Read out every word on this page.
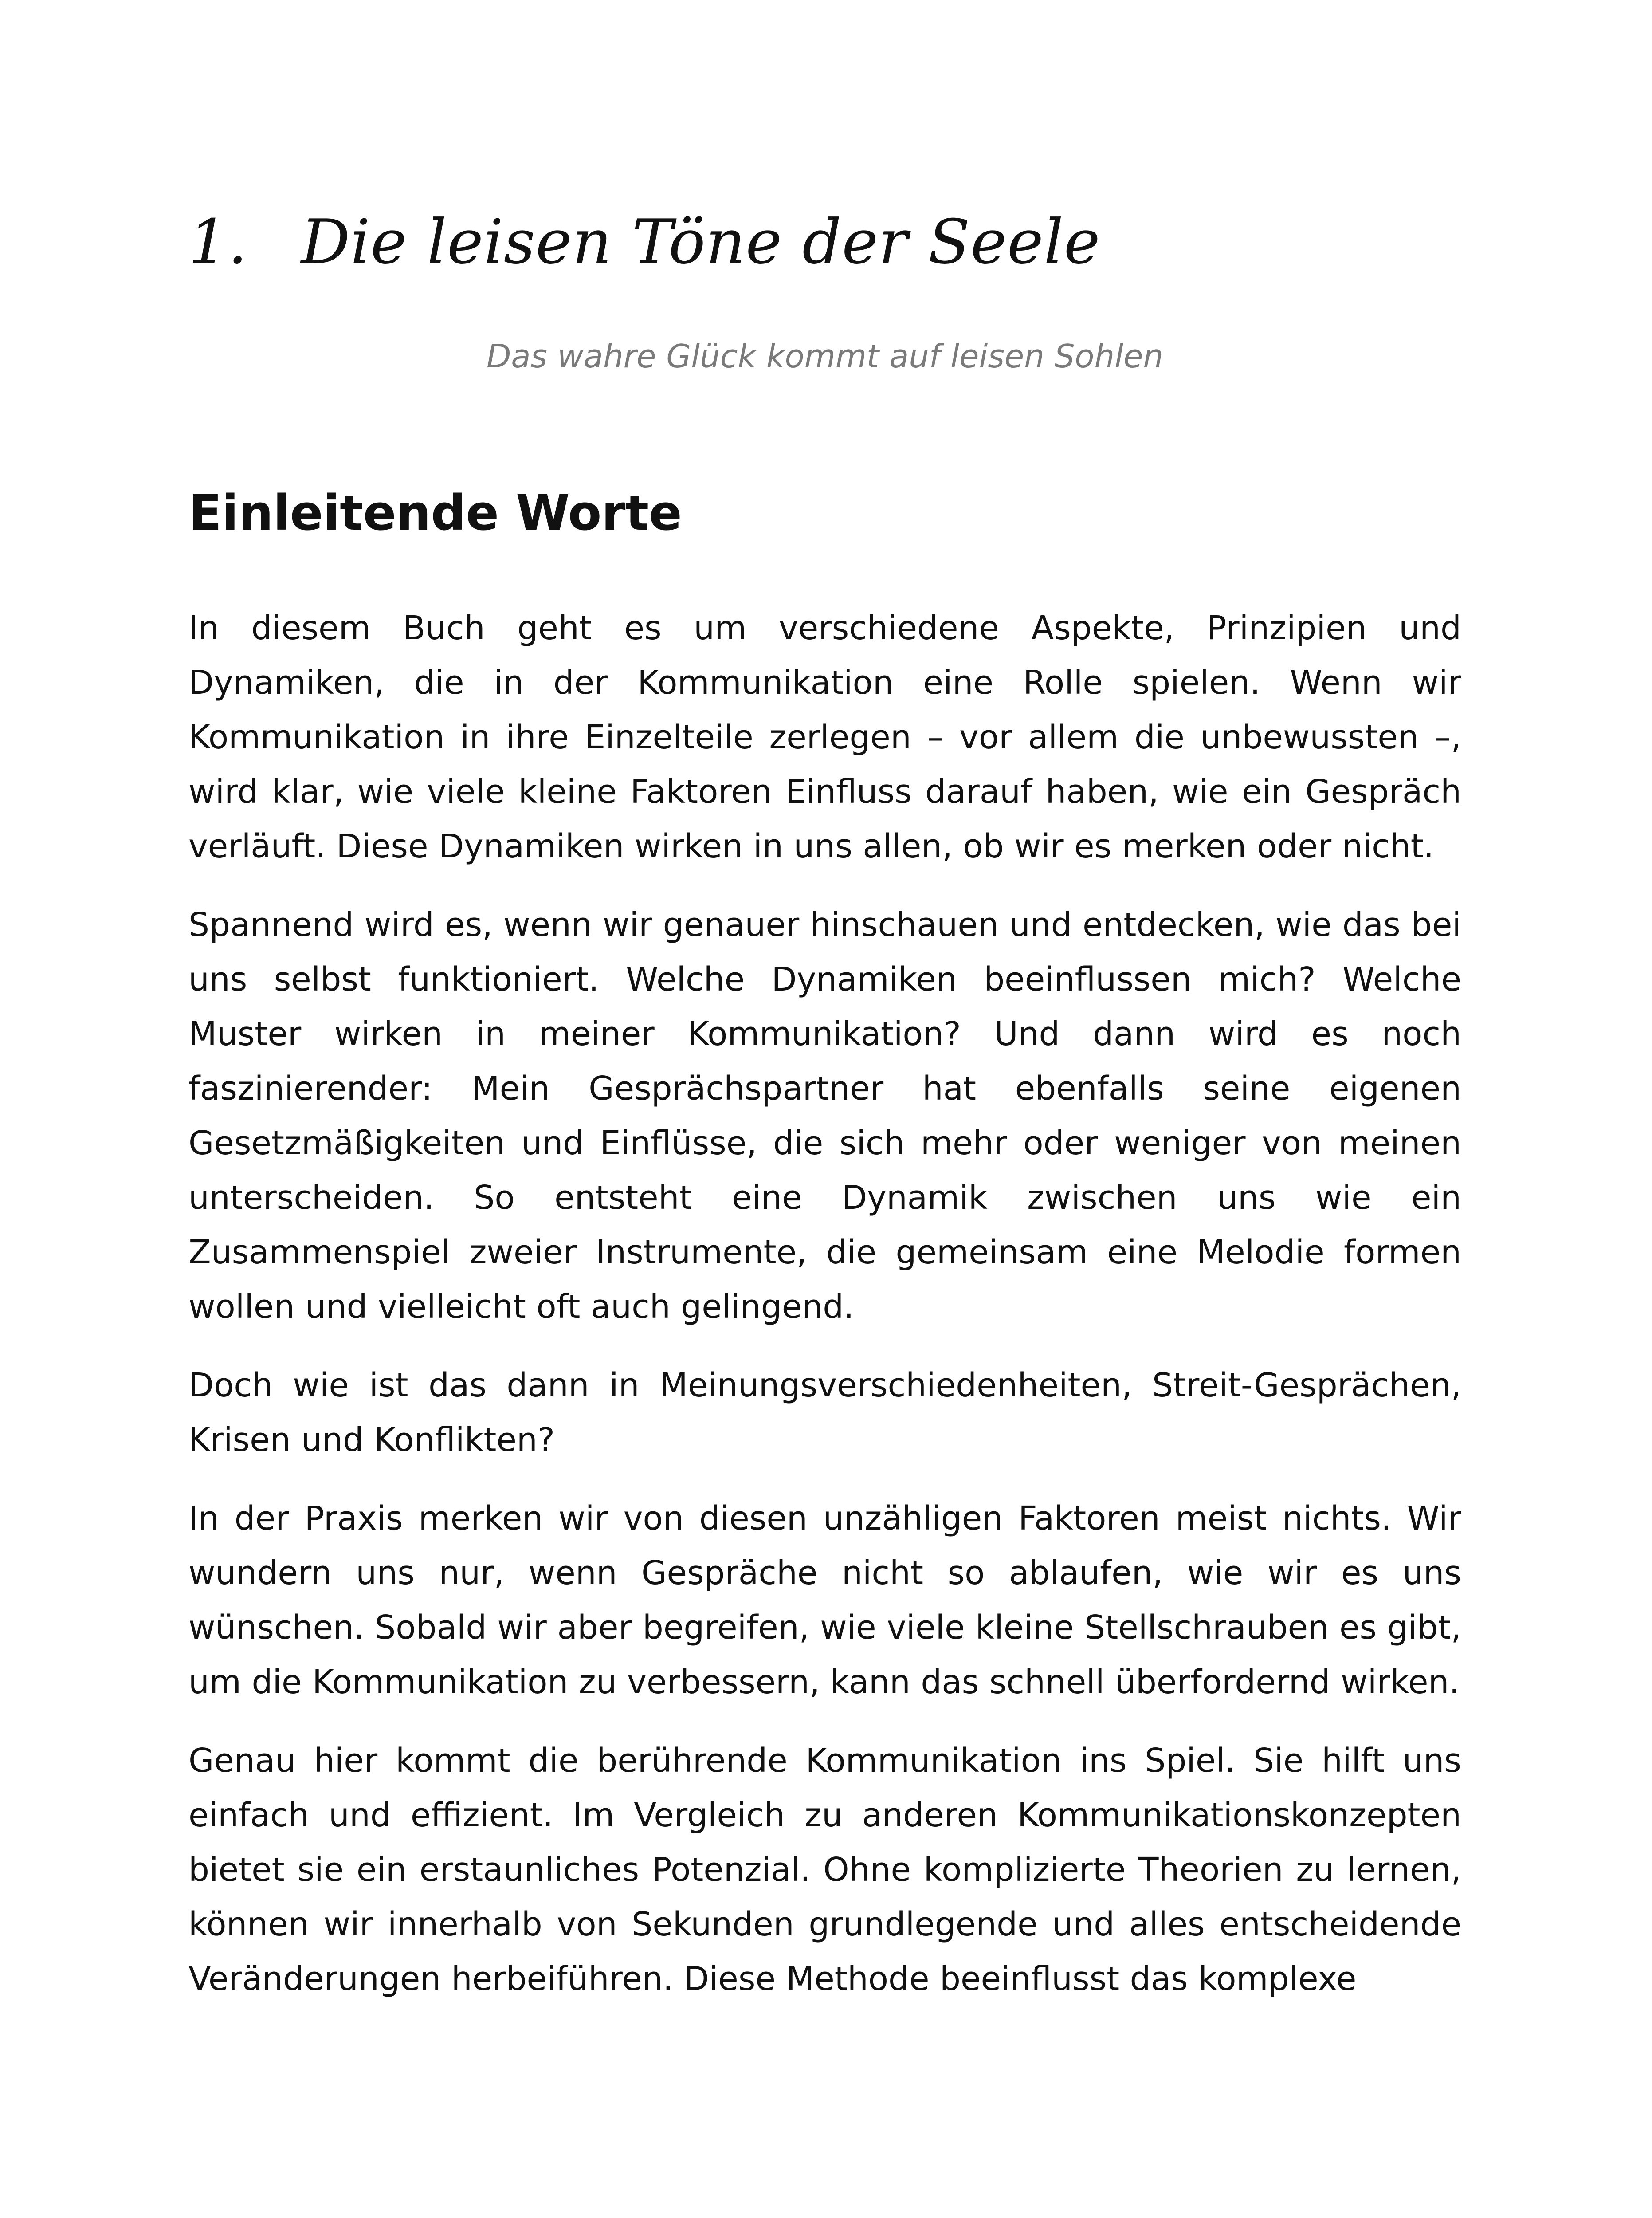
1. Die leisen Töne der Seele

Das wahre Glück kommt auf leisen Sohlen

Einleitende Worte

In diesem Buch geht es um verschiedene Aspekte, Prinzipien und Dynamiken, die in der Kommunikation eine Rolle spielen. Wenn wir Kommunikation in ihre Einzelteile zerlegen – vor allem die unbewussten –, wird klar, wie viele kleine Faktoren Einfluss darauf haben, wie ein Gespräch verläuft. Diese Dynamiken wirken in uns allen, ob wir es merken oder nicht.

Spannend wird es, wenn wir genauer hinschauen und entdecken, wie das bei uns selbst funktioniert. Welche Dynamiken beeinflussen mich? Welche Muster wirken in meiner Kommunikation? Und dann wird es noch faszinierender: Mein Gesprächspartner hat ebenfalls seine eigenen Gesetzmäßigkeiten und Einflüsse, die sich mehr oder weniger von meinen unterscheiden. So entsteht eine Dynamik zwischen uns wie ein Zusammenspiel zweier Instrumente, die gemeinsam eine Melodie formen wollen und vielleicht oft auch gelingend.

Doch wie ist das dann in Meinungsverschiedenheiten, Streit-Gesprächen, Krisen und Konflikten?

In der Praxis merken wir von diesen unzähligen Faktoren meist nichts. Wir wundern uns nur, wenn Gespräche nicht so ablaufen, wie wir es uns wünschen. Sobald wir aber begreifen, wie viele kleine Stellschrauben es gibt, um die Kommunikation zu verbessern, kann das schnell überfordernd wirken.

Genau hier kommt die berührende Kommunikation ins Spiel. Sie hilft uns einfach und effizient. Im Vergleich zu anderen Kommunikationskonzepten bietet sie ein erstaunliches Potenzial. Ohne komplizierte Theorien zu lernen, können wir innerhalb von Sekunden grundlegende und alles entscheidende Veränderungen herbeiführen. Diese Methode beeinflusst das komplexe
